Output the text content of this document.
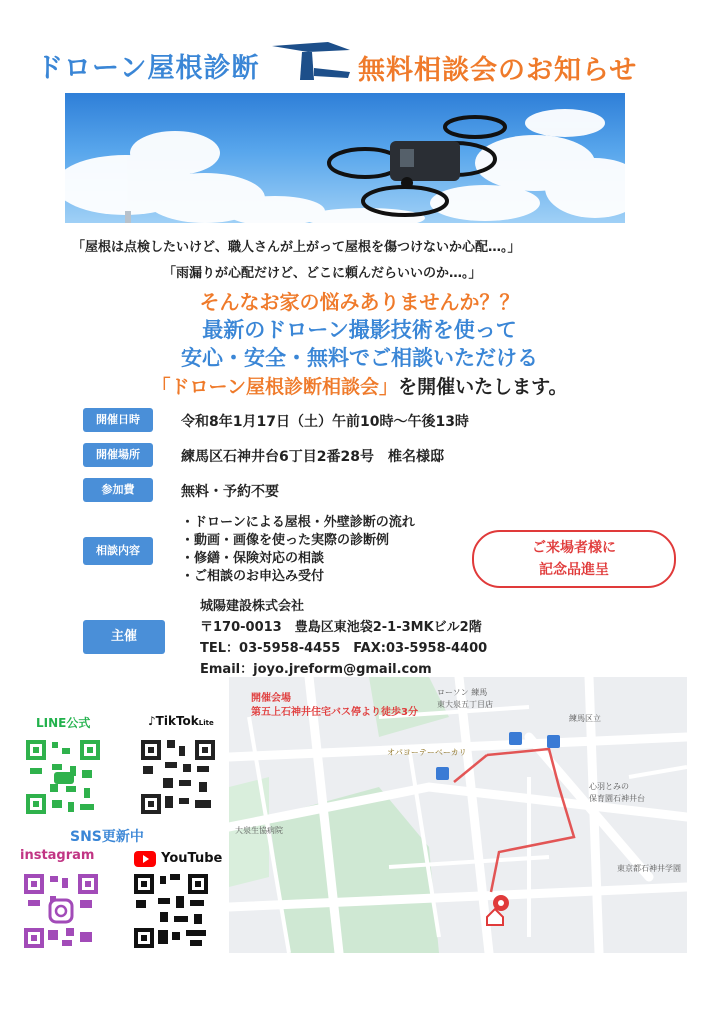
ドローン屋根診断	無料相談会のお知らせ
「屋根は点検したいけど、職人さんが上がって屋根を傷つけないか心配…。」
「雨漏りが心配だけど、どこに頼んだらいいのか…。」
そんなお家の悩みありませんか？？
最新のドローン撮影技術を使って
安心・安全・無料でご相談いただける
「ドローン屋根診断相談会」を開催いたします。
開催日時	令和8年1月17日（土）午前10時～午後13時
開催場所	練馬区石神井台6丁目2番28号　椎名様邸
参加費	無料・予約不要
相談内容
・ドローンによる屋根・外壁診断の流れ
・動画・画像を使った実際の診断例
・修繕・保険対応の相談
・ご相談のお申込み受付
ご来場者様に
記念品進呈
主催
城陽建設株式会社
〒170-0013　豊島区東池袋2-1-3MKビル2階
TEL：03-5958-4455　FAX:03-5958-4400
Email：joyo.jreform@gmail.com
LINE公式	♪TikTokLite
SNS更新中
instagram	YouTube
開催会場
第五上石神井住宅バス停より徒歩3分
ローソン 練馬
東大泉五丁目店
練馬区立
オパヨーテーベーカリ
心羽とみの
保育園石神井台
大泉生協病院
東京都石神井学園
